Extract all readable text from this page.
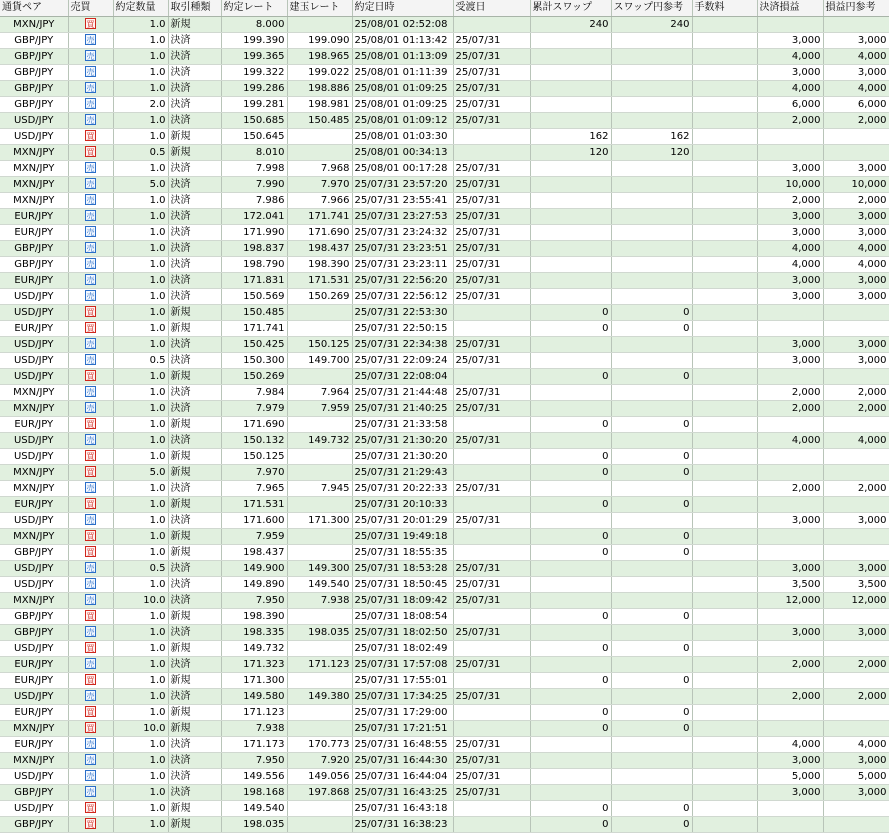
通貨ペア	売買	約定数量	取引種類	約定レート	建玉レート	約定日時	受渡日	累計スワップ	スワップ円参考	手数料	決済損益	損益円参考
MXN/JPY	買	1.0	新規	8.000		25/08/01 02:52:08		240	240			
GBP/JPY	売	1.0	決済	199.390	199.090	25/08/01 01:13:42	25/07/31				3,000	3,000
GBP/JPY	売	1.0	決済	199.365	198.965	25/08/01 01:13:09	25/07/31				4,000	4,000
GBP/JPY	売	1.0	決済	199.322	199.022	25/08/01 01:11:39	25/07/31				3,000	3,000
GBP/JPY	売	1.0	決済	199.286	198.886	25/08/01 01:09:25	25/07/31				4,000	4,000
GBP/JPY	売	2.0	決済	199.281	198.981	25/08/01 01:09:25	25/07/31				6,000	6,000
USD/JPY	売	1.0	決済	150.685	150.485	25/08/01 01:09:12	25/07/31				2,000	2,000
USD/JPY	買	1.0	新規	150.645		25/08/01 01:03:30		162	162			
MXN/JPY	買	0.5	新規	8.010		25/08/01 00:34:13		120	120			
MXN/JPY	売	1.0	決済	7.998	7.968	25/08/01 00:17:28	25/07/31				3,000	3,000
MXN/JPY	売	5.0	決済	7.990	7.970	25/07/31 23:57:20	25/07/31				10,000	10,000
MXN/JPY	売	1.0	決済	7.986	7.966	25/07/31 23:55:41	25/07/31				2,000	2,000
EUR/JPY	売	1.0	決済	172.041	171.741	25/07/31 23:27:53	25/07/31				3,000	3,000
EUR/JPY	売	1.0	決済	171.990	171.690	25/07/31 23:24:32	25/07/31				3,000	3,000
GBP/JPY	売	1.0	決済	198.837	198.437	25/07/31 23:23:51	25/07/31				4,000	4,000
GBP/JPY	売	1.0	決済	198.790	198.390	25/07/31 23:23:11	25/07/31				4,000	4,000
EUR/JPY	売	1.0	決済	171.831	171.531	25/07/31 22:56:20	25/07/31				3,000	3,000
USD/JPY	売	1.0	決済	150.569	150.269	25/07/31 22:56:12	25/07/31				3,000	3,000
USD/JPY	買	1.0	新規	150.485		25/07/31 22:53:30		0	0			
EUR/JPY	買	1.0	新規	171.741		25/07/31 22:50:15		0	0			
USD/JPY	売	1.0	決済	150.425	150.125	25/07/31 22:34:38	25/07/31				3,000	3,000
USD/JPY	売	0.5	決済	150.300	149.700	25/07/31 22:09:24	25/07/31				3,000	3,000
USD/JPY	買	1.0	新規	150.269		25/07/31 22:08:04		0	0			
MXN/JPY	売	1.0	決済	7.984	7.964	25/07/31 21:44:48	25/07/31				2,000	2,000
MXN/JPY	売	1.0	決済	7.979	7.959	25/07/31 21:40:25	25/07/31				2,000	2,000
EUR/JPY	買	1.0	新規	171.690		25/07/31 21:33:58		0	0			
USD/JPY	売	1.0	決済	150.132	149.732	25/07/31 21:30:20	25/07/31				4,000	4,000
USD/JPY	買	1.0	新規	150.125		25/07/31 21:30:20		0	0			
MXN/JPY	買	5.0	新規	7.970		25/07/31 21:29:43		0	0			
MXN/JPY	売	1.0	決済	7.965	7.945	25/07/31 20:22:33	25/07/31				2,000	2,000
EUR/JPY	買	1.0	新規	171.531		25/07/31 20:10:33		0	0			
USD/JPY	売	1.0	決済	171.600	171.300	25/07/31 20:01:29	25/07/31				3,000	3,000
MXN/JPY	買	1.0	新規	7.959		25/07/31 19:49:18		0	0			
GBP/JPY	買	1.0	新規	198.437		25/07/31 18:55:35		0	0			
USD/JPY	売	0.5	決済	149.900	149.300	25/07/31 18:53:28	25/07/31				3,000	3,000
USD/JPY	売	1.0	決済	149.890	149.540	25/07/31 18:50:45	25/07/31				3,500	3,500
MXN/JPY	売	10.0	決済	7.950	7.938	25/07/31 18:09:42	25/07/31				12,000	12,000
GBP/JPY	買	1.0	新規	198.390		25/07/31 18:08:54		0	0			
GBP/JPY	売	1.0	決済	198.335	198.035	25/07/31 18:02:50	25/07/31				3,000	3,000
USD/JPY	買	1.0	新規	149.732		25/07/31 18:02:49		0	0			
EUR/JPY	売	1.0	決済	171.323	171.123	25/07/31 17:57:08	25/07/31				2,000	2,000
EUR/JPY	買	1.0	新規	171.300		25/07/31 17:55:01		0	0			
USD/JPY	売	1.0	決済	149.580	149.380	25/07/31 17:34:25	25/07/31				2,000	2,000
EUR/JPY	買	1.0	新規	171.123		25/07/31 17:29:00		0	0			
MXN/JPY	買	10.0	新規	7.938		25/07/31 17:21:51		0	0			
EUR/JPY	売	1.0	決済	171.173	170.773	25/07/31 16:48:55	25/07/31				4,000	4,000
MXN/JPY	売	1.0	決済	7.950	7.920	25/07/31 16:44:30	25/07/31				3,000	3,000
USD/JPY	売	1.0	決済	149.556	149.056	25/07/31 16:44:04	25/07/31				5,000	5,000
GBP/JPY	売	1.0	決済	198.168	197.868	25/07/31 16:43:25	25/07/31				3,000	3,000
USD/JPY	買	1.0	新規	149.540		25/07/31 16:43:18		0	0			
GBP/JPY	買	1.0	新規	198.035		25/07/31 16:38:23		0	0			
